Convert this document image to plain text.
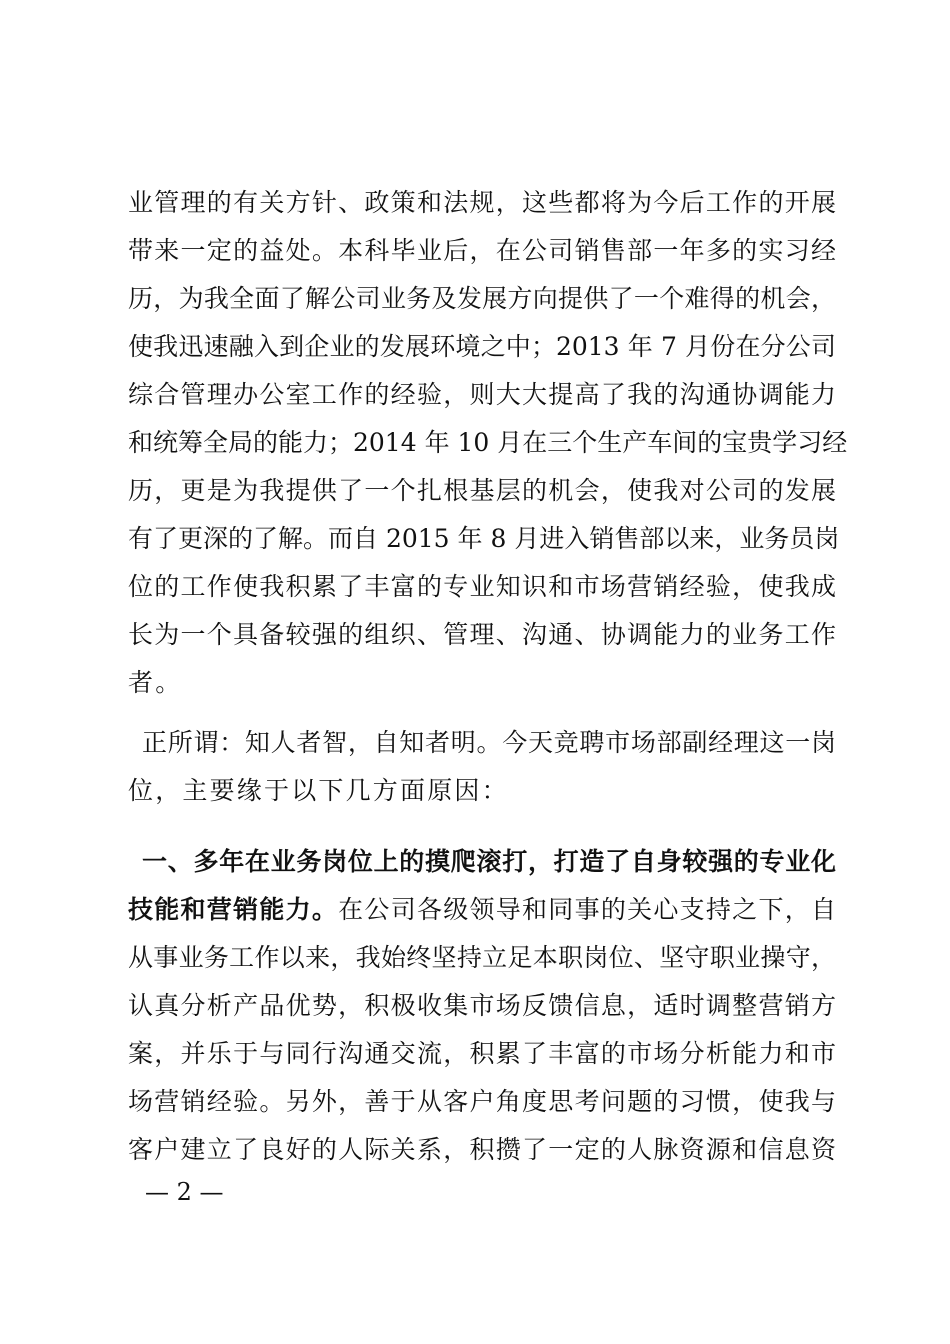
业管理的有关方针、政策和法规，这些都将为今后工作的开展
带来一定的益处。本科毕业后，在公司销售部一年多的实习经
历，为我全面了解公司业务及发展方向提供了一个难得的机会，
使我迅速融入到企业的发展环境之中；2013 年 7 月份在分公司
综合管理办公室工作的经验，则大大提高了我的沟通协调能力
和统筹全局的能力；2014 年 10 月在三个生产车间的宝贵学习经
历，更是为我提供了一个扎根基层的机会，使我对公司的发展
有了更深的了解。而自 2015 年 8 月进入销售部以来，业务员岗
位的工作使我积累了丰富的专业知识和市场营销经验，使我成
长为一个具备较强的组织、管理、沟通、协调能力的业务工作
者。
正所谓：知人者智，自知者明。今天竞聘市场部副经理这一岗
位，主要缘于以下几方面原因：
一、多年在业务岗位上的摸爬滚打，打造了自身较强的专业化
技能和营销能力。在公司各级领导和同事的关心支持之下，自
从事业务工作以来，我始终坚持立足本职岗位、坚守职业操守，
认真分析产品优势，积极收集市场反馈信息，适时调整营销方
案，并乐于与同行沟通交流，积累了丰富的市场分析能力和市
场营销经验。另外，善于从客户角度思考问题的习惯，使我与
客户建立了良好的人际关系，积攒了一定的人脉资源和信息资
— 2 —
